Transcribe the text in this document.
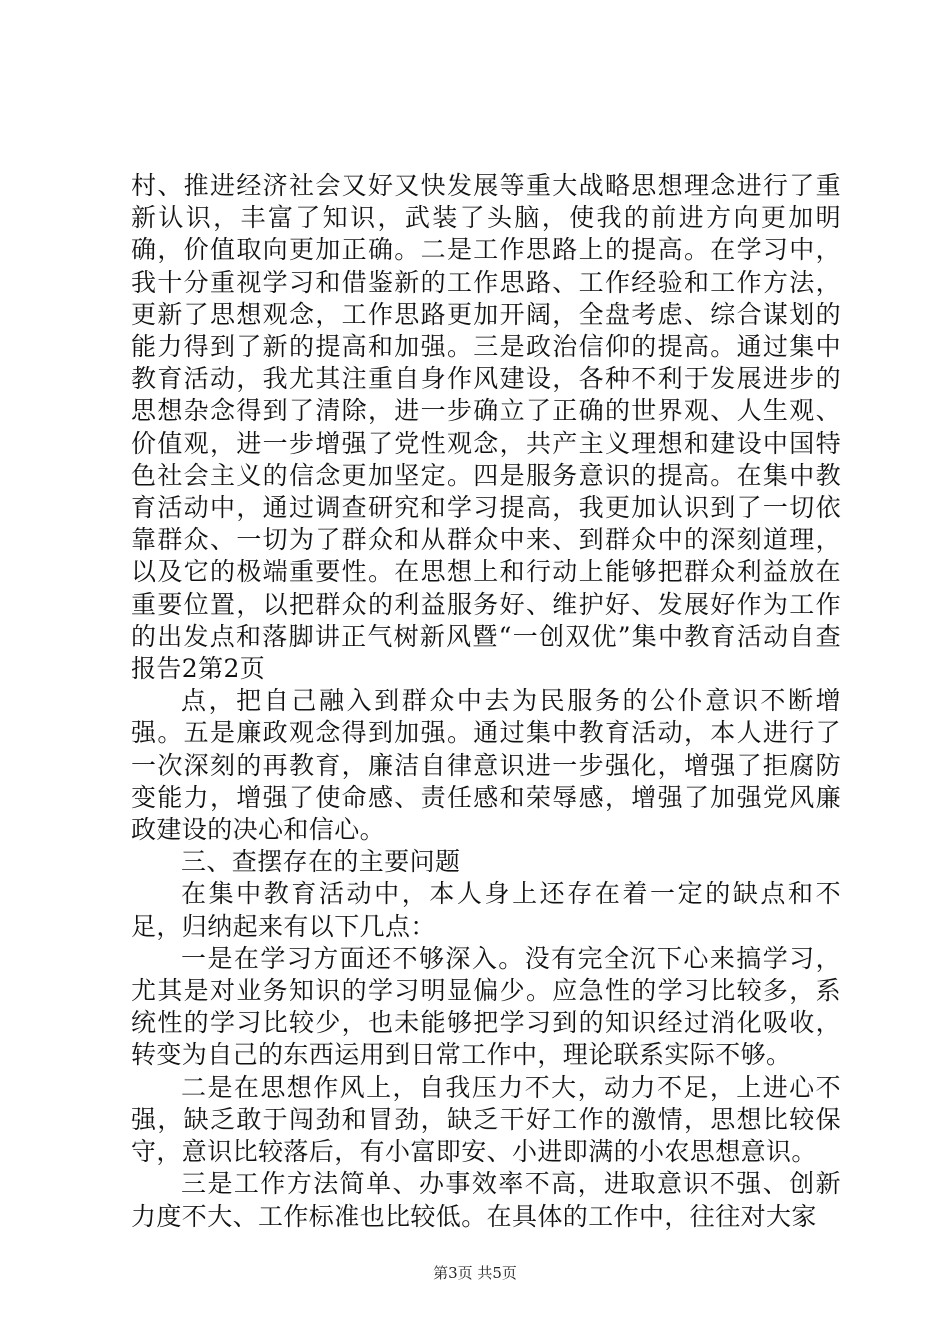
村、推进经济社会又好又快发展等重大战略思想理念进行了重新认识，丰富了知识，武装了头脑，使我的前进方向更加明确，价值取向更加正确。二是工作思路上的提高。在学习中，我十分重视学习和借鉴新的工作思路、工作经验和工作方法，更新了思想观念，工作思路更加开阔，全盘考虑、综合谋划的能力得到了新的提高和加强。三是政治信仰的提高。通过集中教育活动，我尤其注重自身作风建设，各种不利于发展进步的思想杂念得到了清除，进一步确立了正确的世界观、人生观、价值观，进一步增强了党性观念，共产主义理想和建设中国特色社会主义的信念更加坚定。四是服务意识的提高。在集中教育活动中，通过调查研究和学习提高，我更加认识到了一切依靠群众、一切为了群众和从群众中来、到群众中的深刻道理，以及它的极端重要性。在思想上和行动上能够把群众利益放在重要位置，以把群众的利益服务好、维护好、发展好作为工作的出发点和落脚讲正气树新风暨“一创双优”集中教育活动自查报告2第2页

点，把自己融入到群众中去为民服务的公仆意识不断增强。五是廉政观念得到加强。通过集中教育活动，本人进行了一次深刻的再教育，廉洁自律意识进一步强化，增强了拒腐防变能力，增强了使命感、责任感和荣辱感，增强了加强党风廉政建设的决心和信心。

三、查摆存在的主要问题

在集中教育活动中，本人身上还存在着一定的缺点和不足，归纳起来有以下几点：

一是在学习方面还不够深入。没有完全沉下心来搞学习，尤其是对业务知识的学习明显偏少。应急性的学习比较多，系统性的学习比较少，也未能够把学习到的知识经过消化吸收，转变为自己的东西运用到日常工作中，理论联系实际不够。

二是在思想作风上，自我压力不大，动力不足，上进心不强，缺乏敢于闯劲和冒劲，缺乏干好工作的激情，思想比较保守，意识比较落后，有小富即安、小进即满的小农思想意识。

三是工作方法简单、办事效率不高，进取意识不强、创新力度不大、工作标准也比较低。在具体的工作中，往往对大家

第3页 共5页
